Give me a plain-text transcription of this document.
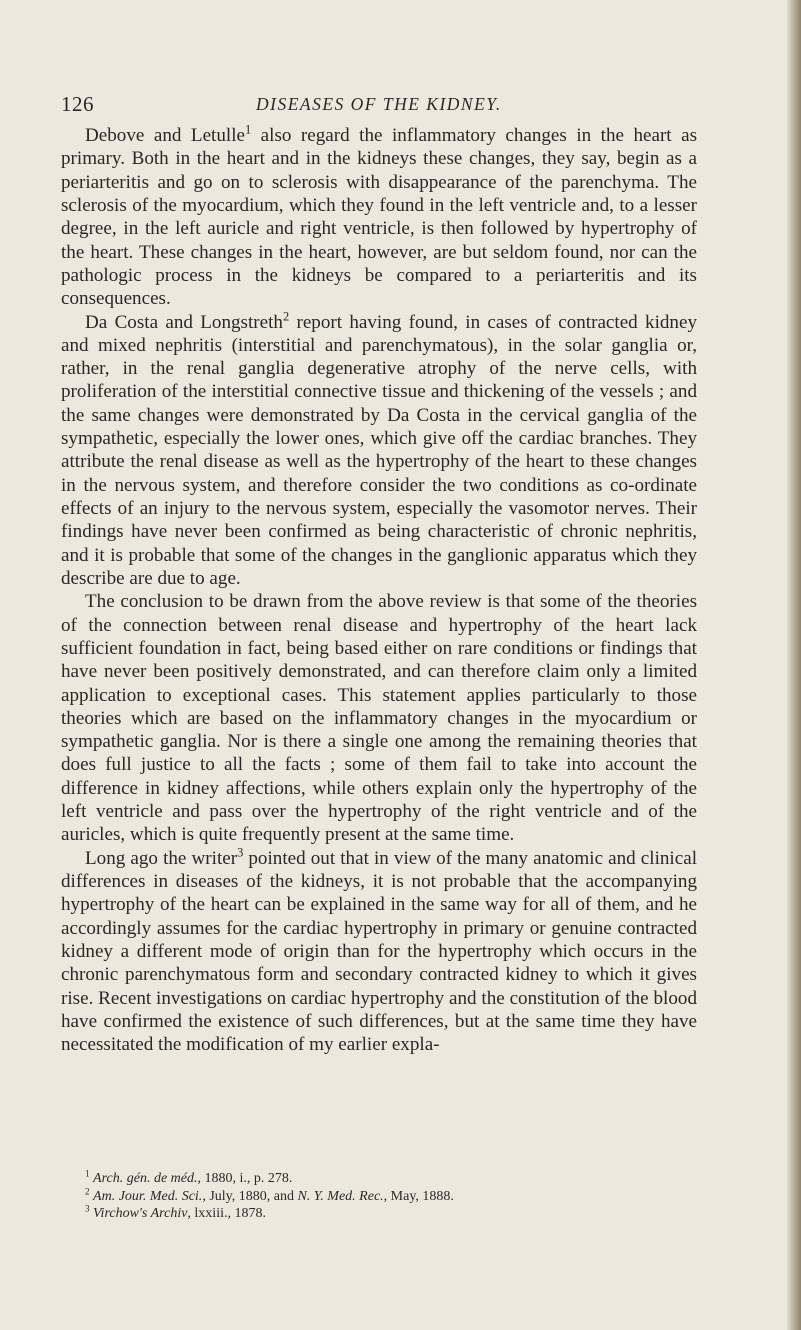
126	DISEASES OF THE KIDNEY.

Debove and Letulle$^1$ also regard the inflammatory changes in the heart as primary. Both in the heart and in the kidneys these changes, they say, begin as a periarteritis and go on to sclerosis with disappearance of the parenchyma. The sclerosis of the myocardium, which they found in the left ventricle and, to a lesser degree, in the left auricle and right ventricle, is then followed by hypertrophy of the heart. These changes in the heart, however, are but seldom found, nor can the pathologic process in the kidneys be compared to a periarteritis and its consequences.

Da Costa and Longstreth$^2$ report having found, in cases of contracted kidney and mixed nephritis (interstitial and parenchymatous), in the solar ganglia or, rather, in the renal ganglia degenerative atrophy of the nerve cells, with proliferation of the interstitial connective tissue and thickening of the vessels ; and the same changes were demonstrated by Da Costa in the cervical ganglia of the sympathetic, especially the lower ones, which give off the cardiac branches. They attribute the renal disease as well as the hypertrophy of the heart to these changes in the nervous system, and therefore consider the two conditions as co-ordinate effects of an injury to the nervous system, especially the vasomotor nerves. Their findings have never been confirmed as being characteristic of chronic nephritis, and it is probable that some of the changes in the ganglionic apparatus which they describe are due to age.

The conclusion to be drawn from the above review is that some of the theories of the connection between renal disease and hypertrophy of the heart lack sufficient foundation in fact, being based either on rare conditions or findings that have never been positively demonstrated, and can therefore claim only a limited application to exceptional cases. This statement applies particularly to those theories which are based on the inflammatory changes in the myocardium or sympathetic ganglia. Nor is there a single one among the remaining theories that does full justice to all the facts ; some of them fail to take into account the difference in kidney affections, while others explain only the hypertrophy of the left ventricle and pass over the hypertrophy of the right ventricle and of the auricles, which is quite frequently present at the same time.

Long ago the writer$^3$ pointed out that in view of the many anatomic and clinical differences in diseases of the kidneys, it is not probable that the accompanying hypertrophy of the heart can be explained in the same way for all of them, and he accordingly assumes for the cardiac hypertrophy in primary or genuine contracted kidney a different mode of origin than for the hypertrophy which occurs in the chronic parenchymatous form and secondary contracted kidney to which it gives rise. Recent investigations on cardiac hypertrophy and the constitution of the blood have confirmed the existence of such differences, but at the same time they have necessitated the modification of my earlier expla-

$^1$ Arch. gén. de méd., 1880, i., p. 278.
$^2$ Am. Jour. Med. Sci., July, 1880, and N. Y. Med. Rec., May, 1888.
$^3$ Virchow's Archiv, lxxiii., 1878.
